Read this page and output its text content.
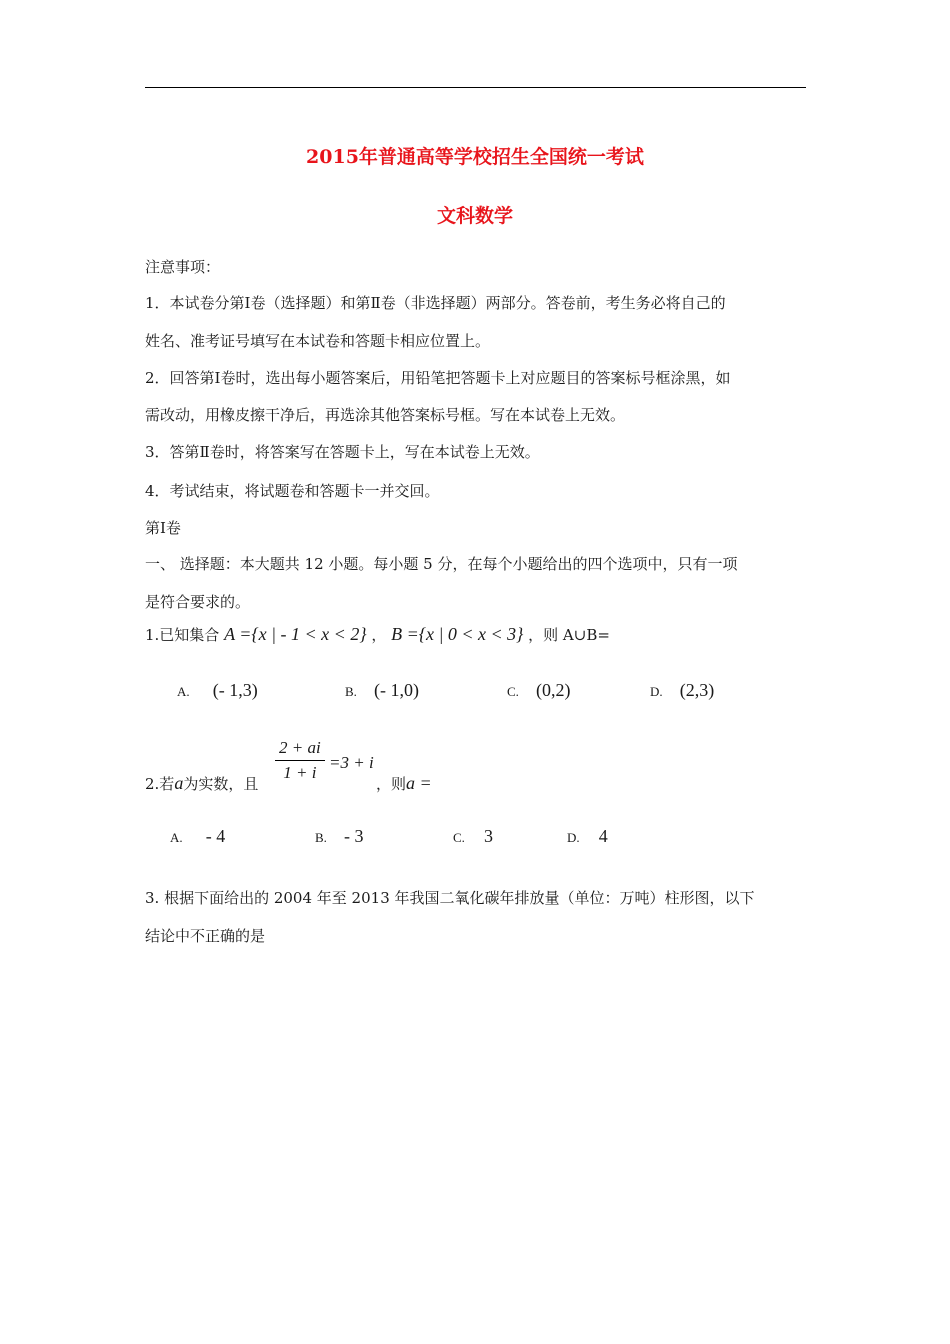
2015年普通高等学校招生全国统一考试
文科数学
注意事项：
1．本试卷分第Ⅰ卷（选择题）和第Ⅱ卷（非选择题）两部分。答卷前，考生务必将自己的
姓名、准考证号填写在本试卷和答题卡相应位置上。
2．回答第Ⅰ卷时，选出每小题答案后，用铅笔把答题卡上对应题目的答案标号框涂黑，如
需改动，用橡皮擦干净后，再选涂其他答案标号框。写在本试卷上无效。
3．答第Ⅱ卷时，将答案写在答题卡上，写在本试卷上无效。
4．考试结束，将试题卷和答题卡一并交回。
第Ⅰ卷
一、 选择题：本大题共 12 小题。每小题 5 分，在每个小题给出的四个选项中，只有一项
是符合要求的。
1.已知集合 A ={x | - 1 < x < 2} ， B ={x | 0 < x < 3} ，则 A∪B=
A. (- 1,3)	B. (- 1,0)	C. (0,2)	D. (2,3)
2.若a为实数，且
2 + ai
1 + i
=3 + i
，则a =
A. - 4	B. - 3	C. 3	D. 4
3. 根据下面给出的 2004 年至 2013 年我国二氧化碳年排放量（单位：万吨）柱形图，以下
结论中不正确的是
